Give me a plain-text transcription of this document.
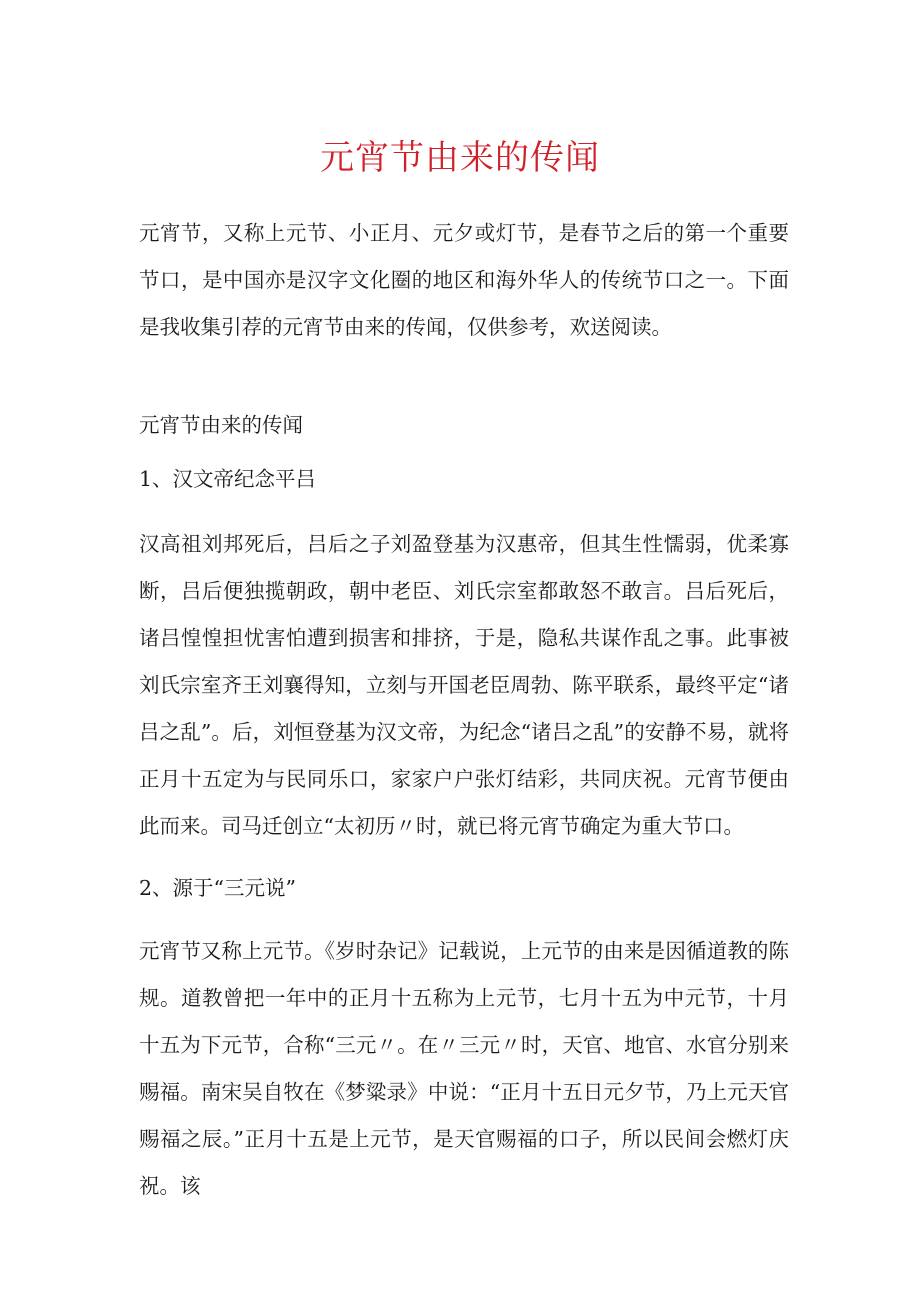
元宵节由来的传闻

元宵节，又称上元节、小正月、元夕或灯节，是春节之后的第一个重要节口，是中国亦是汉字文化圈的地区和海外华人的传统节口之一。下面是我收集引荐的元宵节由来的传闻，仅供参考，欢送阅读。

元宵节由来的传闻

1、汉文帝纪念平吕

汉高祖刘邦死后，吕后之子刘盈登基为汉惠帝，但其生性懦弱，优柔寡断，吕后便独揽朝政，朝中老臣、刘氏宗室都敢怒不敢言。吕后死后，诸吕惶惶担忧害怕遭到损害和排挤，于是，隐私共谋作乱之事。此事被刘氏宗室齐王刘襄得知，立刻与开国老臣周勃、陈平联系，最终平定“诸吕之乱”。后，刘恒登基为汉文帝，为纪念“诸吕之乱”的安静不易，就将正月十五定为与民同乐口，家家户户张灯结彩，共同庆祝。元宵节便由此而来。司马迁创立“太初历〃时，就已将元宵节确定为重大节口。

2、源于“三元说”

元宵节又称上元节。《岁时杂记》记载说，上元节的由来是因循道教的陈规。道教曾把一年中的正月十五称为上元节，七月十五为中元节，十月十五为下元节，合称“三元〃。在〃三元〃时，天官、地官、水官分别来赐福。南宋吴自牧在《梦粱录》中说：“正月十五日元夕节，乃上元天官赐福之辰。”正月十五是上元节，是天官赐福的口子，所以民间会燃灯庆祝。该
